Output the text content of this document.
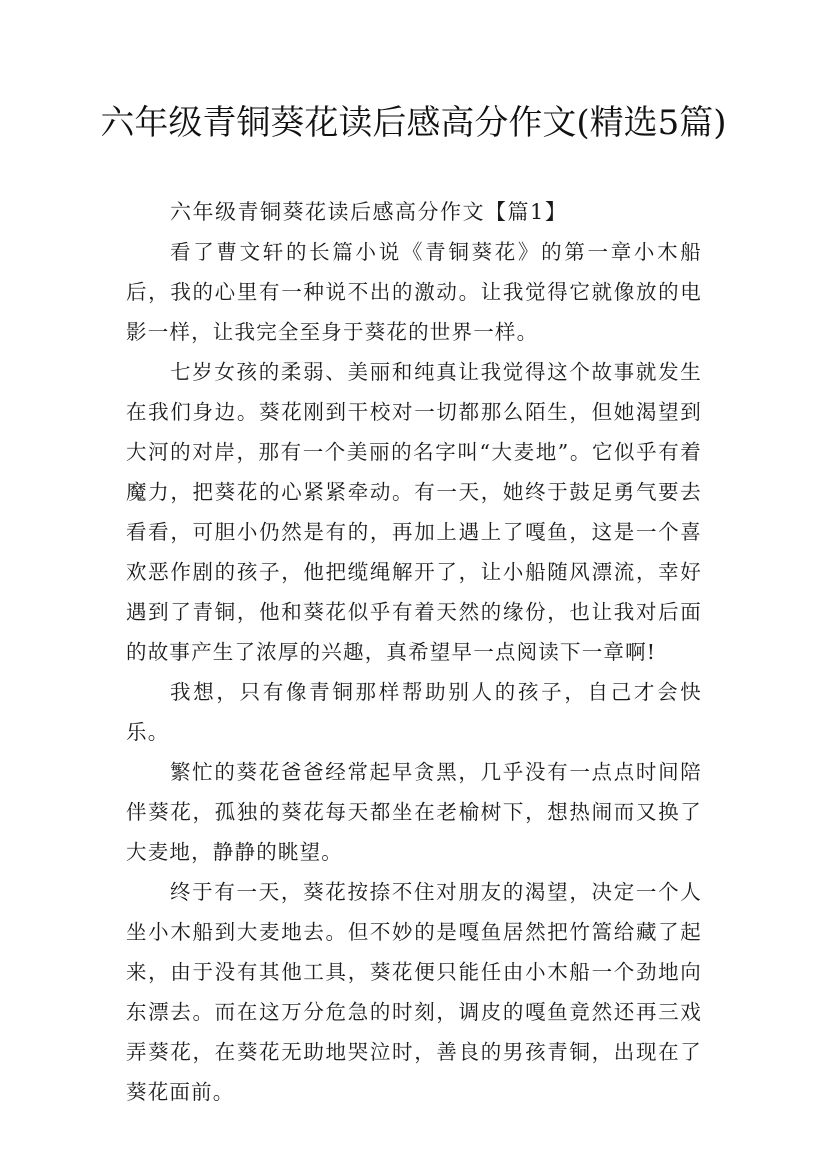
六年级青铜葵花读后感高分作文(精选5篇)

六年级青铜葵花读后感高分作文【篇1】

看了曹文轩的长篇小说《青铜葵花》的第一章小木船后，我的心里有一种说不出的激动。让我觉得它就像放的电影一样，让我完全至身于葵花的世界一样。

七岁女孩的柔弱、美丽和纯真让我觉得这个故事就发生在我们身边。葵花刚到干校对一切都那么陌生，但她渴望到大河的对岸，那有一个美丽的名字叫“大麦地”。它似乎有着魔力，把葵花的心紧紧牵动。有一天，她终于鼓足勇气要去看看，可胆小仍然是有的，再加上遇上了嘎鱼，这是一个喜欢恶作剧的孩子，他把缆绳解开了，让小船随风漂流，幸好遇到了青铜，他和葵花似乎有着天然的缘份，也让我对后面的故事产生了浓厚的兴趣，真希望早一点阅读下一章啊!

我想，只有像青铜那样帮助别人的孩子，自己才会快乐。

繁忙的葵花爸爸经常起早贪黑，几乎没有一点点时间陪伴葵花，孤独的葵花每天都坐在老榆树下，想热闹而又换了大麦地，静静的眺望。

终于有一天，葵花按捺不住对朋友的渴望，决定一个人坐小木船到大麦地去。但不妙的是嘎鱼居然把竹篙给藏了起来，由于没有其他工具，葵花便只能任由小木船一个劲地向东漂去。而在这万分危急的时刻，调皮的嘎鱼竟然还再三戏弄葵花，在葵花无助地哭泣时，善良的男孩青铜，出现在了葵花面前。
